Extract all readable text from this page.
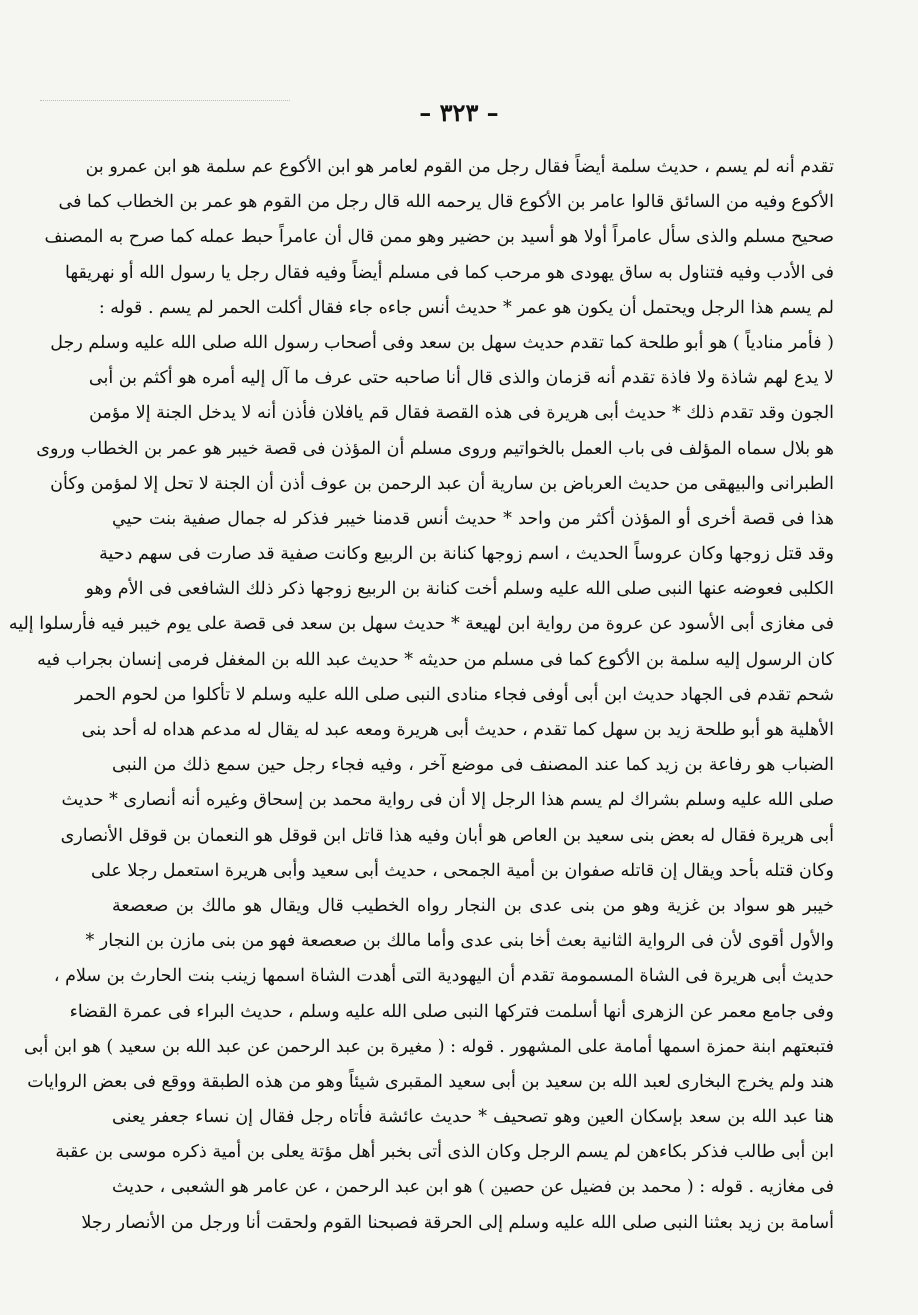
– ٣٢٣ –
تقدم أنه لم يسم ، حديث سلمة أيضاً فقال رجل من القوم لعامر هو ابن الأكوع عم سلمة هو ابن عمرو بن
الأكوع وفيه من السائق قالوا عامر بن الأكوع قال يرحمه الله قال رجل من القوم هو عمر بن الخطاب كما فى
صحيح مسلم والذى سأل عامراً أولا هو أسيد بن حضير وهو ممن قال أن عامراً حبط عمله كما صرح به المصنف
فى الأدب وفيه فتناول به ساق يهودى هو مرحب كما فى مسلم أيضاً وفيه فقال رجل يا رسول الله أو نهريقها
لم يسم هذا الرجل ويحتمل أن يكون هو عمر * حديث أنس جاءه جاء فقال أكلت الحمر لم يسم . قوله :
( فأمر منادياً ) هو أبو طلحة كما تقدم حديث سهل بن سعد وفى أصحاب رسول الله صلى الله عليه وسلم رجل
لا يدع لهم شاذة ولا فاذة تقدم أنه قزمان والذى قال أنا صاحبه حتى عرف ما آل إليه أمره هو أكثم بن أبى
الجون وقد تقدم ذلك * حديث أبى هريرة فى هذه القصة فقال قم يافلان فأذن أنه لا يدخل الجنة إلا مؤمن
هو بلال سماه المؤلف فى باب العمل بالخواتيم وروى مسلم أن المؤذن فى قصة خيبر هو عمر بن الخطاب وروى
الطبرانى والبيهقى من حديث العرباض بن سارية أن عبد الرحمن بن عوف أذن أن الجنة لا تحل إلا لمؤمن وكأن
هذا فى قصة أخرى أو المؤذن أكثر من واحد * حديث أنس قدمنا خيبر فذكر له جمال صفية بنت حيي
وقد قتل زوجها وكان عروساً الحديث ، اسم زوجها كنانة بن الربيع وكانت صفية قد صارت فى سهم دحية
الكلبى فعوضه عنها النبى صلى الله عليه وسلم أخت كنانة بن الربيع زوجها ذكر ذلك الشافعى فى الأم وهو
فى مغازى أبى الأسود عن عروة من رواية ابن لهيعة * حديث سهل بن سعد فى قصة على يوم خيبر فيه فأرسلوا إليه
كان الرسول إليه سلمة بن الأكوع كما فى مسلم من حديثه * حديث عبد الله بن المغفل فرمى إنسان بجراب فيه
شحم تقدم فى الجهاد حديث ابن أبى أوفى فجاء منادى النبى صلى الله عليه وسلم لا تأكلوا من لحوم الحمر
الأهلية هو أبو طلحة زيد بن سهل كما تقدم ، حديث أبى هريرة ومعه عبد له يقال له مدعم هداه له أحد بنى
الضباب هو رفاعة بن زيد كما عند المصنف فى موضع آخر ، وفيه فجاء رجل حين سمع ذلك من النبى
صلى الله عليه وسلم بشراك لم يسم هذا الرجل إلا أن فى رواية محمد بن إسحاق وغيره أنه أنصارى * حديث
أبى هريرة فقال له بعض بنى سعيد بن العاص هو أبان وفيه هذا قاتل ابن قوقل هو النعمان بن قوقل الأنصارى
وكان قتله بأحد ويقال إن قاتله صفوان بن أمية الجمحى ، حديث أبى سعيد وأبى هريرة استعمل رجلا على
خيبر هو سواد بن غزية وهو من بنى عدى بن النجار رواه الخطيب قال ويقال هو مالك بن صعصعة
والأول أقوى لأن فى الرواية الثانية بعث أخا بنى عدى وأما مالك بن صعصعة فهو من بنى مازن بن النجار *
حديث أبى هريرة فى الشاة المسمومة تقدم أن اليهودية التى أهدت الشاة اسمها زينب بنت الحارث بن سلام ،
وفى جامع معمر عن الزهرى أنها أسلمت فتركها النبى صلى الله عليه وسلم ، حديث البراء فى عمرة القضاء
فتبعتهم ابنة حمزة اسمها أمامة على المشهور . قوله : ( مغيرة بن عبد الرحمن عن عبد الله بن سعيد ) هو ابن أبى
هند ولم يخرج البخارى لعبد الله بن سعيد بن أبى سعيد المقبرى شيئاً وهو من هذه الطبقة ووقع فى بعض الروايات
هنا عبد الله بن سعد بإسكان العين وهو تصحيف * حديث عائشة فأتاه رجل فقال إن نساء جعفر يعنى
ابن أبى طالب فذكر بكاءهن لم يسم الرجل وكان الذى أتى بخبر أهل مؤتة يعلى بن أمية ذكره موسى بن عقبة
فى مغازيه . قوله : ( محمد بن فضيل عن حصين ) هو ابن عبد الرحمن ، عن عامر هو الشعبى ، حديث
أسامة بن زيد بعثنا النبى صلى الله عليه وسلم إلى الحرقة فصبحنا القوم ولحقت أنا ورجل من الأنصار رجلا
